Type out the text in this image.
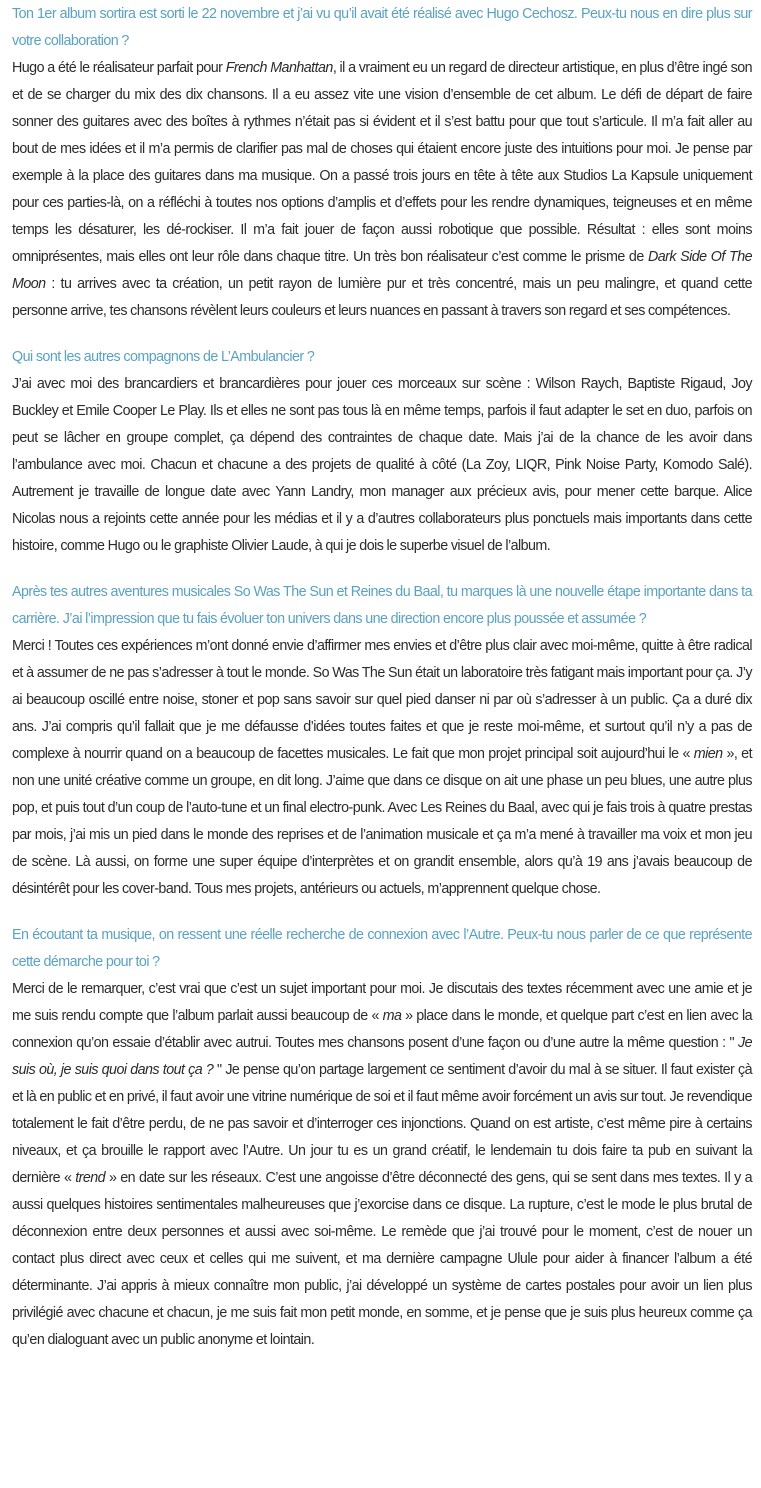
Ton 1er album sortira est sorti le 22 novembre et j’ai vu qu’il avait été réalisé avec Hugo Cechosz. Peux-tu nous en dire plus sur votre collaboration ?

Hugo a été le réalisateur parfait pour French Manhattan, il a vraiment eu un regard de directeur artistique, en plus d’être ingé son et de se charger du mix des dix chansons. Il a eu assez vite une vision d’ensemble de cet album. Le défi de départ de faire sonner des guitares avec des boîtes à rythmes n’était pas si évident et il s’est battu pour que tout s’articule. Il m’a fait aller au bout de mes idées et il m’a permis de clarifier pas mal de choses qui étaient encore juste des intuitions pour moi. Je pense par exemple à la place des guitares dans ma musique. On a passé trois jours en tête à tête aux Studios La Kapsule uniquement pour ces parties-là, on a réfléchi à toutes nos options d’amplis et d’effets pour les rendre dynamiques, teigneuses et en même temps les désaturer, les dé-rockiser. Il m’a fait jouer de façon aussi robotique que possible. Résultat : elles sont moins omniprésentes, mais elles ont leur rôle dans chaque titre. Un très bon réalisateur c’est comme le prisme de Dark Side Of The Moon : tu arrives avec ta création, un petit rayon de lumière pur et très concentré, mais un peu malingre, et quand cette personne arrive, tes chansons révèlent leurs couleurs et leurs nuances en passant à travers son regard et ses compétences.

Qui sont les autres compagnons de L’Ambulancier ?

J’ai avec moi des brancardiers et brancardières pour jouer ces morceaux sur scène : Wilson Raych, Baptiste Rigaud, Joy Buckley et Emile Cooper Le Play. Ils et elles ne sont pas tous là en même temps, parfois il faut adapter le set en duo, parfois on peut se lâcher en groupe complet, ça dépend des contraintes de chaque date. Mais j’ai de la chance de les avoir dans l’ambulance avec moi. Chacun et chacune a des projets de qualité à côté (La Zoy, LIQR, Pink Noise Party, Komodo Salé). Autrement je travaille de longue date avec Yann Landry, mon manager aux précieux avis, pour mener cette barque. Alice Nicolas nous a rejoints cette année pour les médias et il y a d’autres collaborateurs plus ponctuels mais importants dans cette histoire, comme Hugo ou le graphiste Olivier Laude, à qui je dois le superbe visuel de l’album.

Après tes autres aventures musicales So Was The Sun et Reines du Baal, tu marques là une nouvelle étape importante dans ta carrière. J’ai l’impression que tu fais évoluer ton univers dans une direction encore plus poussée et assumée ?

Merci ! Toutes ces expériences m’ont donné envie d’affirmer mes envies et d’être plus clair avec moi-même, quitte à être radical et à assumer de ne pas s’adresser à tout le monde. So Was The Sun était un laboratoire très fatigant mais important pour ça. J’y ai beaucoup oscillé entre noise, stoner et pop sans savoir sur quel pied danser ni par où s’adresser à un public. Ça a duré dix ans. J’ai compris qu’il fallait que je me défausse d’idées toutes faites et que je reste moi-même, et surtout qu’il n’y a pas de complexe à nourrir quand on a beaucoup de facettes musicales. Le fait que mon projet principal soit aujourd’hui le « mien », et non une unité créative comme un groupe, en dit long. J’aime que dans ce disque on ait une phase un peu blues, une autre plus pop, et puis tout d’un coup de l’auto-tune et un final electro-punk. Avec Les Reines du Baal, avec qui je fais trois à quatre prestas par mois, j’ai mis un pied dans le monde des reprises et de l’animation musicale et ça m’a mené à travailler ma voix et mon jeu de scène. Là aussi, on forme une super équipe d’interprètes et on grandit ensemble, alors qu’à 19 ans j’avais beaucoup de désintérêt pour les cover-band. Tous mes projets, antérieurs ou actuels, m’apprennent quelque chose.

En écoutant ta musique, on ressent une réelle recherche de connexion avec l’Autre. Peux-tu nous parler de ce que représente cette démarche pour toi ?

Merci de le remarquer, c’est vrai que c’est un sujet important pour moi. Je discutais des textes récemment avec une amie et je me suis rendu compte que l’album parlait aussi beaucoup de « ma » place dans le monde, et quelque part c’est en lien avec la connexion qu’on essaie d’établir avec autrui. Toutes mes chansons posent d’une façon ou d’une autre la même question : " Je suis où, je suis quoi dans tout ça ? " Je pense qu’on partage largement ce sentiment d’avoir du mal à se situer. Il faut exister çà et là en public et en privé, il faut avoir une vitrine numérique de soi et il faut même avoir forcément un avis sur tout. Je revendique totalement le fait d’être perdu, de ne pas savoir et d’interroger ces injonctions. Quand on est artiste, c’est même pire à certains niveaux, et ça brouille le rapport avec l’Autre. Un jour tu es un grand créatif, le lendemain tu dois faire ta pub en suivant la dernière « trend » en date sur les réseaux. C’est une angoisse d’être déconnecté des gens, qui se sent dans mes textes. Il y a aussi quelques histoires sentimentales malheureuses que j’exorcise dans ce disque. La rupture, c’est le mode le plus brutal de déconnexion entre deux personnes et aussi avec soi-même. Le remède que j’ai trouvé pour le moment, c’est de nouer un contact plus direct avec ceux et celles qui me suivent, et ma dernière campagne Ulule pour aider à financer l’album a été déterminante. J’ai appris à mieux connaître mon public, j’ai développé un système de cartes postales pour avoir un lien plus privilégié avec chacune et chacun, je me suis fait mon petit monde, en somme, et je pense que je suis plus heureux comme ça qu’en dialoguant avec un public anonyme et lointain.
